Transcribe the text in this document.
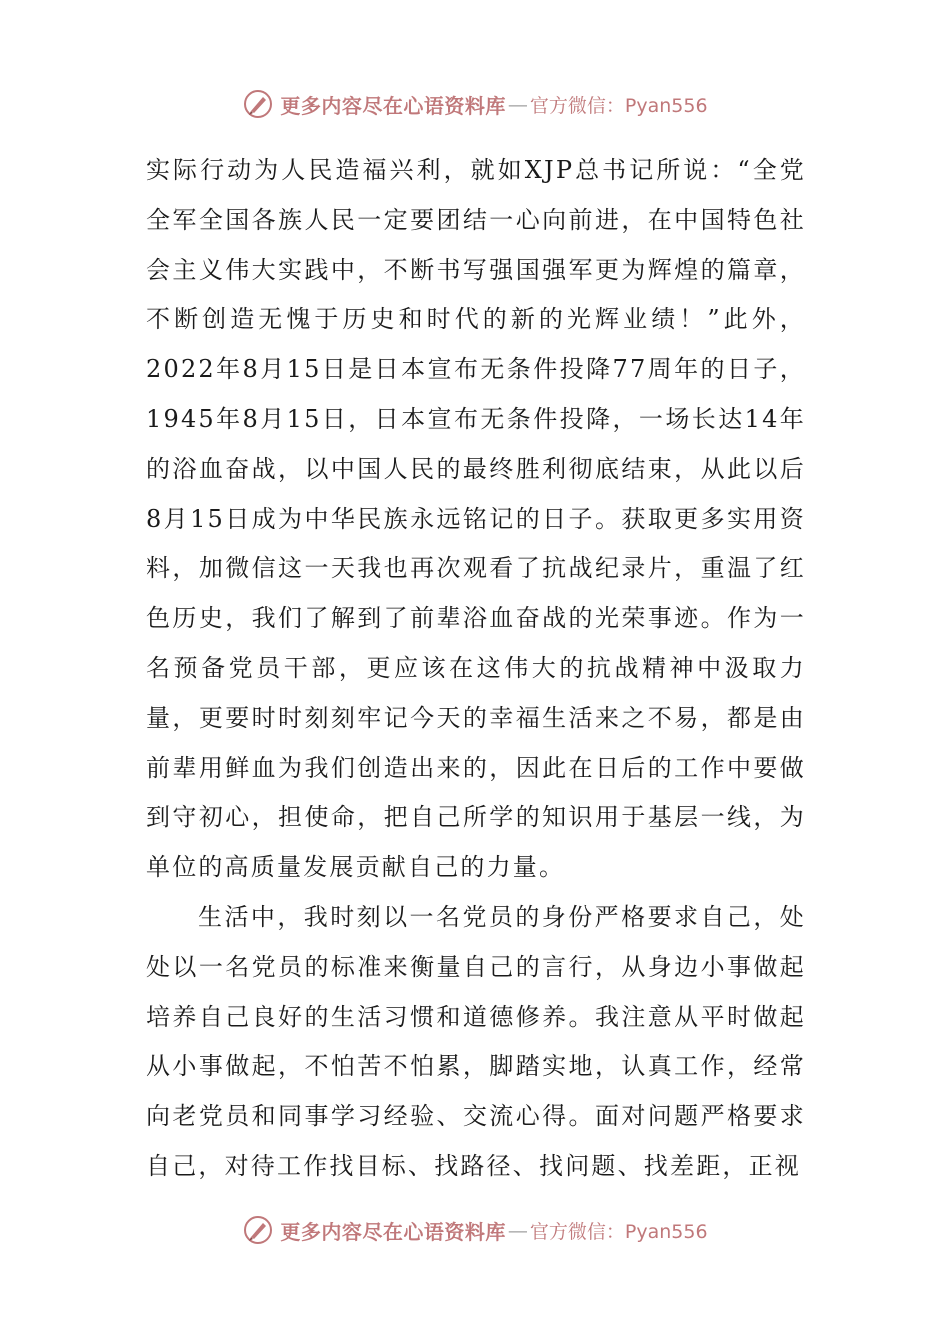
更多内容尽在心语资料库 — 官方微信：Pyan556

实际行动为人民造福兴利，就如XJP总书记所说：“全党全军全国各族人民一定要团结一心向前进，在中国特色社会主义伟大实践中，不断书写强国强军更为辉煌的篇章，不断创造无愧于历史和时代的新的光辉业绩！”此外，2022年8月15日是日本宣布无条件投降77周年的日子，1945年8月15日，日本宣布无条件投降，一场长达14年的浴血奋战，以中国人民的最终胜利彻底结束，从此以后8月15日成为中华民族永远铭记的日子。获取更多实用资料，加微信这一天我也再次观看了抗战纪录片，重温了红色历史，我们了解到了前辈浴血奋战的光荣事迹。作为一名预备党员干部，更应该在这伟大的抗战精神中汲取力量，更要时时刻刻牢记今天的幸福生活来之不易，都是由前辈用鲜血为我们创造出来的，因此在日后的工作中要做到守初心，担使命，把自己所学的知识用于基层一线，为单位的高质量发展贡献自己的力量。

生活中，我时刻以一名党员的身份严格要求自己，处处以一名党员的标准来衡量自己的言行，从身边小事做起培养自己良好的生活习惯和道德修养。我注意从平时做起从小事做起，不怕苦不怕累，脚踏实地，认真工作，经常向老党员和同事学习经验、交流心得。面对问题严格要求自己，对待工作找目标、找路径、找问题、找差距，正视

更多内容尽在心语资料库 — 官方微信：Pyan556
